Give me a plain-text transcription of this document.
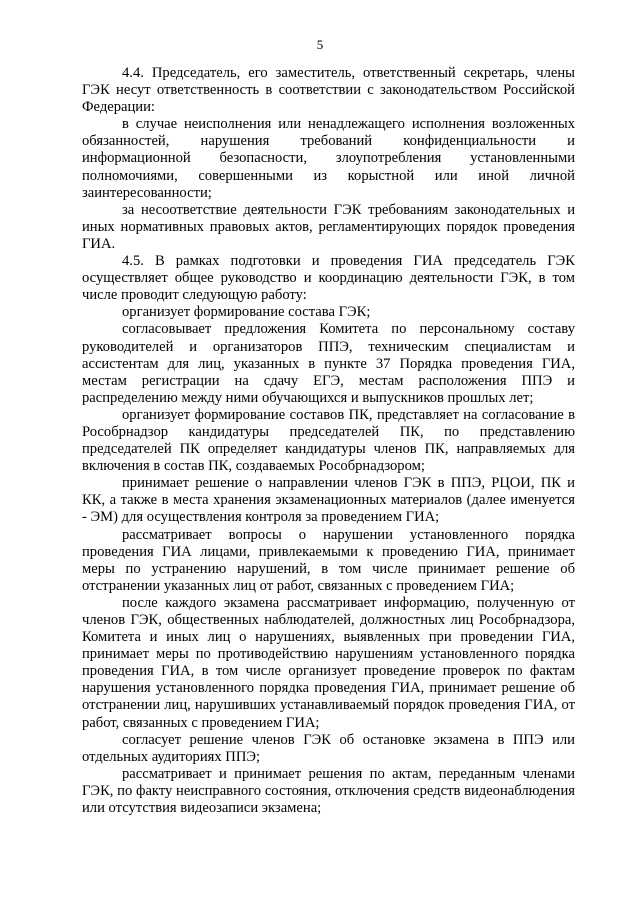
5

4.4. Председатель, его заместитель, ответственный секретарь, члены ГЭК несут ответственность в соответствии с законодательством Российской Федерации:

в случае неисполнения или ненадлежащего исполнения возложенных обязанностей, нарушения требований конфиденциальности и информационной безопасности, злоупотребления установленными полномочиями, совершенными из корыстной или иной личной заинтересованности;

за несоответствие деятельности ГЭК требованиям законодательных и иных нормативных правовых актов, регламентирующих порядок проведения ГИА.

4.5. В рамках подготовки и проведения ГИА председатель ГЭК осуществляет общее руководство и координацию деятельности ГЭК, в том числе проводит следующую работу:

организует формирование состава ГЭК;

согласовывает предложения Комитета по персональному составу руководителей и организаторов ППЭ, техническим специалистам и ассистентам для лиц, указанных в пункте 37 Порядка проведения ГИА, местам регистрации на сдачу ЕГЭ, местам расположения ППЭ и распределению между ними обучающихся и выпускников прошлых лет;

организует формирование составов ПК, представляет на согласование в Рособрнадзор кандидатуры председателей ПК, по представлению председателей ПК определяет кандидатуры членов ПК, направляемых для включения в состав ПК, создаваемых Рособрнадзором;

принимает решение о направлении членов ГЭК в ППЭ, РЦОИ, ПК и КК, а также в места хранения экзаменационных материалов (далее именуется - ЭМ) для осуществления контроля за проведением ГИА;

рассматривает вопросы о нарушении установленного порядка проведения ГИА лицами, привлекаемыми к проведению ГИА, принимает меры по устранению нарушений, в том числе принимает решение об отстранении указанных лиц от работ, связанных с проведением ГИА;

после каждого экзамена рассматривает информацию, полученную от членов ГЭК, общественных наблюдателей, должностных лиц Рособрнадзора, Комитета и иных лиц о нарушениях, выявленных при проведении ГИА, принимает меры по противодействию нарушениям установленного порядка проведения ГИА, в том числе организует проведение проверок по фактам нарушения установленного порядка проведения ГИА, принимает решение об отстранении лиц, нарушивших устанавливаемый порядок проведения ГИА, от работ, связанных с проведением ГИА;

согласует решение членов ГЭК об остановке экзамена в ППЭ или отдельных аудиториях ППЭ;

рассматривает и принимает решения по актам, переданным членами ГЭК, по факту неисправного состояния, отключения средств видеонаблюдения или отсутствия видеозаписи экзамена;
